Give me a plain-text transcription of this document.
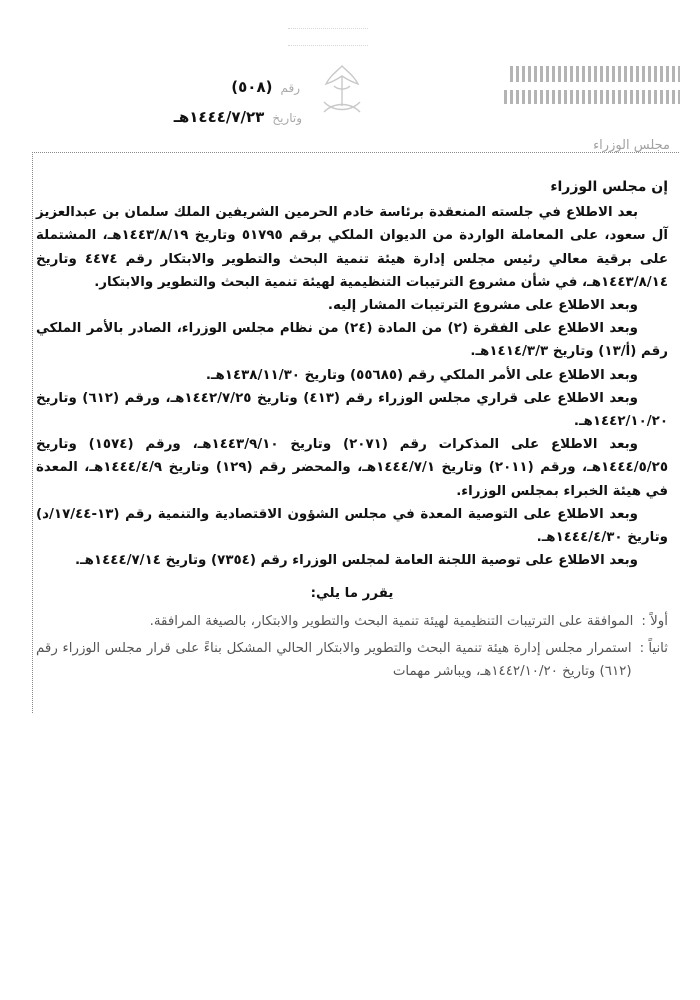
مجلس الوزراء
رقم
(٥٠٨)
وتاريخ
١٤٤٤/٧/٢٣هـ

إن مجلس الوزراء

بعد الاطلاع في جلسته المنعقدة برئاسة خادم الحرمين الشريفين الملك سلمان بن عبدالعزيز آل سعود، على المعاملة الواردة من الديوان الملكي برقم ٥١٧٩٥ وتاريخ ١٤٤٣/٨/١٩هـ، المشتملة على برقية معالي رئيس مجلس إدارة هيئة تنمية البحث والتطوير والابتكار رقم ٤٤٧٤ وتاريخ ١٤٤٣/٨/١٤هـ، في شأن مشروع الترتيبات التنظيمية لهيئة تنمية البحث والتطوير والابتكار.

وبعد الاطلاع على مشروع الترتيبات المشار إليه.

وبعد الاطلاع على الفقرة (٢) من المادة (٢٤) من نظام مجلس الوزراء، الصادر بالأمر الملكي رقم (أ/١٣) وتاريخ ١٤١٤/٣/٣هـ.

وبعد الاطلاع على الأمر الملكي رقم (٥٥٦٨٥) وتاريخ ١٤٣٨/١١/٣٠هـ.

وبعد الاطلاع على قراري مجلس الوزراء رقم (٤١٣) وتاريخ ١٤٤٢/٧/٢٥هـ، ورقم (٦١٢) وتاريخ ١٤٤٢/١٠/٢٠هـ.

وبعد الاطلاع على المذكرات رقم (٢٠٧١) وتاريخ ١٤٤٣/٩/١٠هـ، ورقم (١٥٧٤) وتاريخ ١٤٤٤/٥/٢٥هـ، ورقم (٢٠١١) وتاريخ ١٤٤٤/٧/١هـ، والمحضر رقم (١٢٩) وتاريخ ١٤٤٤/٤/٩هـ، المعدة في هيئة الخبراء بمجلس الوزراء.

وبعد الاطلاع على التوصية المعدة في مجلس الشؤون الاقتصادية والتنمية رقم (١٣-١٧/٤٤/د) وتاريخ ١٤٤٤/٤/٣٠هـ.

وبعد الاطلاع على توصية اللجنة العامة لمجلس الوزراء رقم (٧٣٥٤) وتاريخ ١٤٤٤/٧/١٤هـ.

يقرر ما يلي:

أولاً :
الموافقة على الترتيبات التنظيمية لهيئة تنمية البحث والتطوير والابتكار، بالصيغة المرافقة.
ثانياً :
استمرار مجلس إدارة هيئة تنمية البحث والتطوير والابتكار الحالي المشكل بناءً على قرار مجلس الوزراء رقم (٦١٢) وتاريخ ١٤٤٢/١٠/٢٠هـ، ويباشر مهمات
